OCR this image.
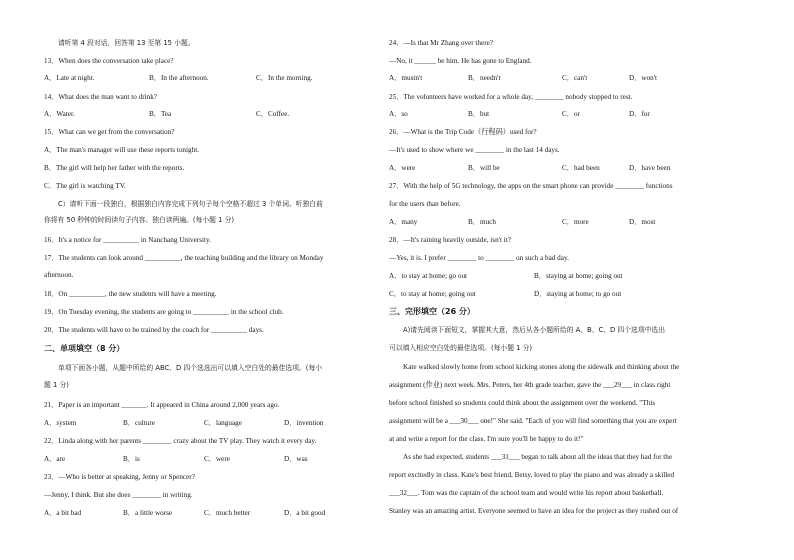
请听第 4 段对话，回答第 13 至第 15 小题。
13．When does the conversation take place?
14．What does the man want to drink?
15．What can we get from the conversation?
A．The man's manager will use these reports tonight.
B．The girl will help her father with the reports.
C．The girl is watching TV.
C）请听下面一段独白，根据独白内容完成下列句子每个空格不超过 3 个单词。听独白前
你将有 50 秒钟的时间读句子内容。独白读两遍。(每小题 1 分)
16．It's a notice for __________ in Nanchang University.
17．The students can look around __________, the teaching building and the library on Monday
afternoon.
18．On __________, the new students will have a meeting.
19．On Tuesday evening, the students are going to __________ in the school club.
20．The students will have to be trained by the coach for __________ days.
二、单项填空（8 分）
单项下面各小题，从题中所给的 ABC、D 四个选选出可以填入空白处的最佳选项。(每小
题 1 分)
21．Paper is an important _______. It appeared in China around 2,000 years ago.
22．Linda along with her parents ________ crazy about the TV play. They watch it every day.
23．—Who is better at speaking, Jenny or Spencer?
—Jenny, I think. But she does ________ in writing.
A．Late at night.	B．In the afternoon.	C．In the morning.
A．Water.	B．Tea	C．Coffee.
A．system	B．culture	C．language	D．invention
A．are	B．is	C．were	D．was
A．a bit bad	B．a little worse	C．much better	D．a bit good
24．—Is that Mr Zhang over there?
—No, it ______ be him. He has gone to England.
25．The volunteers have worked for a whole day, ________ nobody stopped to rest.
26．—What is the Trip Code（行程码）used for?
—It's used to show where we ________ in the last 14 days.
27．With the help of 5G technology, the apps on the smart phone can provide ________ functions
for the users than before.
28．—It's raining heavily outside, isn't it?
—Yes, it is. I prefer ________ to ________ on such a bad day.
三、完形填空（26 分）
A)请先阅读下面短文，掌握其大意，然后从各小题所给的 A、B、C、D 四个选项中选出
可以填入相应空白处的最佳选项。(每小题 1 分)
Kate walked slowly home from school kicking stones along the sidewalk and thinking about the
assignment (作业) next week. Mrs. Peters, her 4th grade teacher, gave the ___29___ in class right
before school finished so students could think about the assignment over the weekend. "This
assignment will be a ___30___ one!" She said. "Each of you will find something that you are expert
at and write a report for the class. I'm sure you'll be happy to do it!"
As she had expected, students ___31___ began to talk about all the ideas that they had for the
report excitedly in class. Kate's best friend, Betsy, loved to play the piano and was already a skilled
___32___. Tom was the captain of the school team and would write his report about basketball.
Stanley was an amazing artist. Everyone seemed to have an idea for the project as they rushed out of
A．mustn't	B．needn't	C．can't	D．won't
A．so	B．but	C．or	D．for
A．were	B．will be	C．had been	D．have been
A．many	B．much	C．more	D．most
A．to stay at home; go out	B．staying at home; going out
C．to stay at home; going out	D．staying at home; to go out
